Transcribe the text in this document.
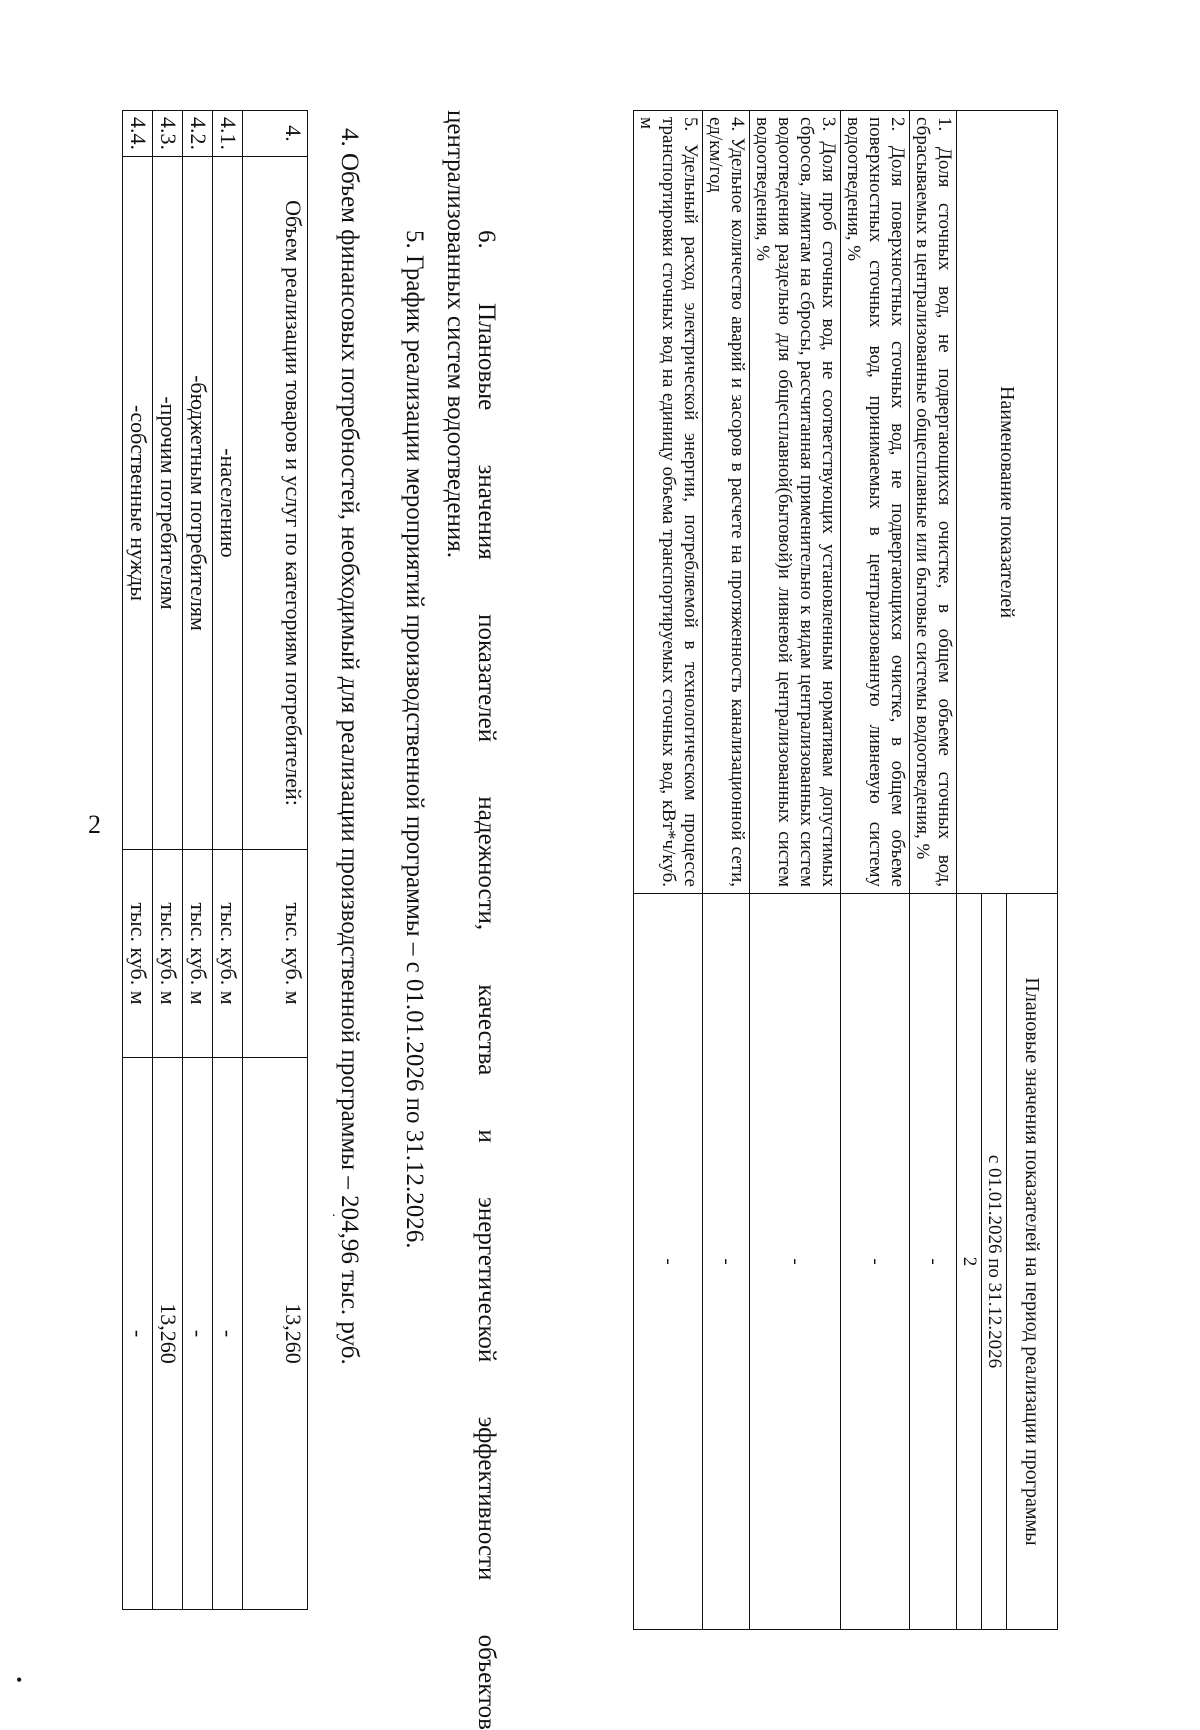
2
•
.
Наименование показателей	Плановые значения показателей на период реализации программы
	с 01.01.2026 по 31.12.2026
	2
1. Доля сточных вод, не подвергающихся очистке, в общем объеме сточных вод, сбрасываемых в централизованные общесплавные или бытовые системы водоотведения, %	-
2. Доля поверхностных сточных вод, не подвергающихся очистке, в общем объеме поверхностных сточных вод, принимаемых в централизованную ливневую систему водоотведения, %	-
3. Доля проб сточных вод, не соответствующих установленным нормативам допустимых сбросов, лимитам на сбросы, рассчитанная применительно к видам централизованных систем водоотведения раздельно для общесплавной(бытовой)и ливневой централизованных систем водоотведения, %	-
4. Удельное количество аварий и засоров в расчете на протяженность канализационной сети, ед/км/год	-
5. Удельный расход электрической энергии, потребляемой в технологическом процессе транспортировки сточных вод на единицу объема транспортируемых сточных вод, кВт*ч/куб. м	-
6. Плановые значения показателей надежности, качества и энергетической эффективности объектов
централизованных систем водоотведения.
5. График реализации мероприятий производственной программы – с 01.01.2026 по 31.12.2026.
4. Объем финансовых потребностей, необходимый для реализации производственной программы – 204,96 тыс. руб.
4.	Объем реализации товаров и услуг по категориям потребителей:	тыс. куб. м	13,260
4.1.	-населению	тыс. куб. м	-
4.2.	-бюджетным потребителям	тыс. куб. м	-
4.3.	-прочим потребителям	тыс. куб. м	13,260
4.4.	-собственные нужды	тыс. куб. м	-
